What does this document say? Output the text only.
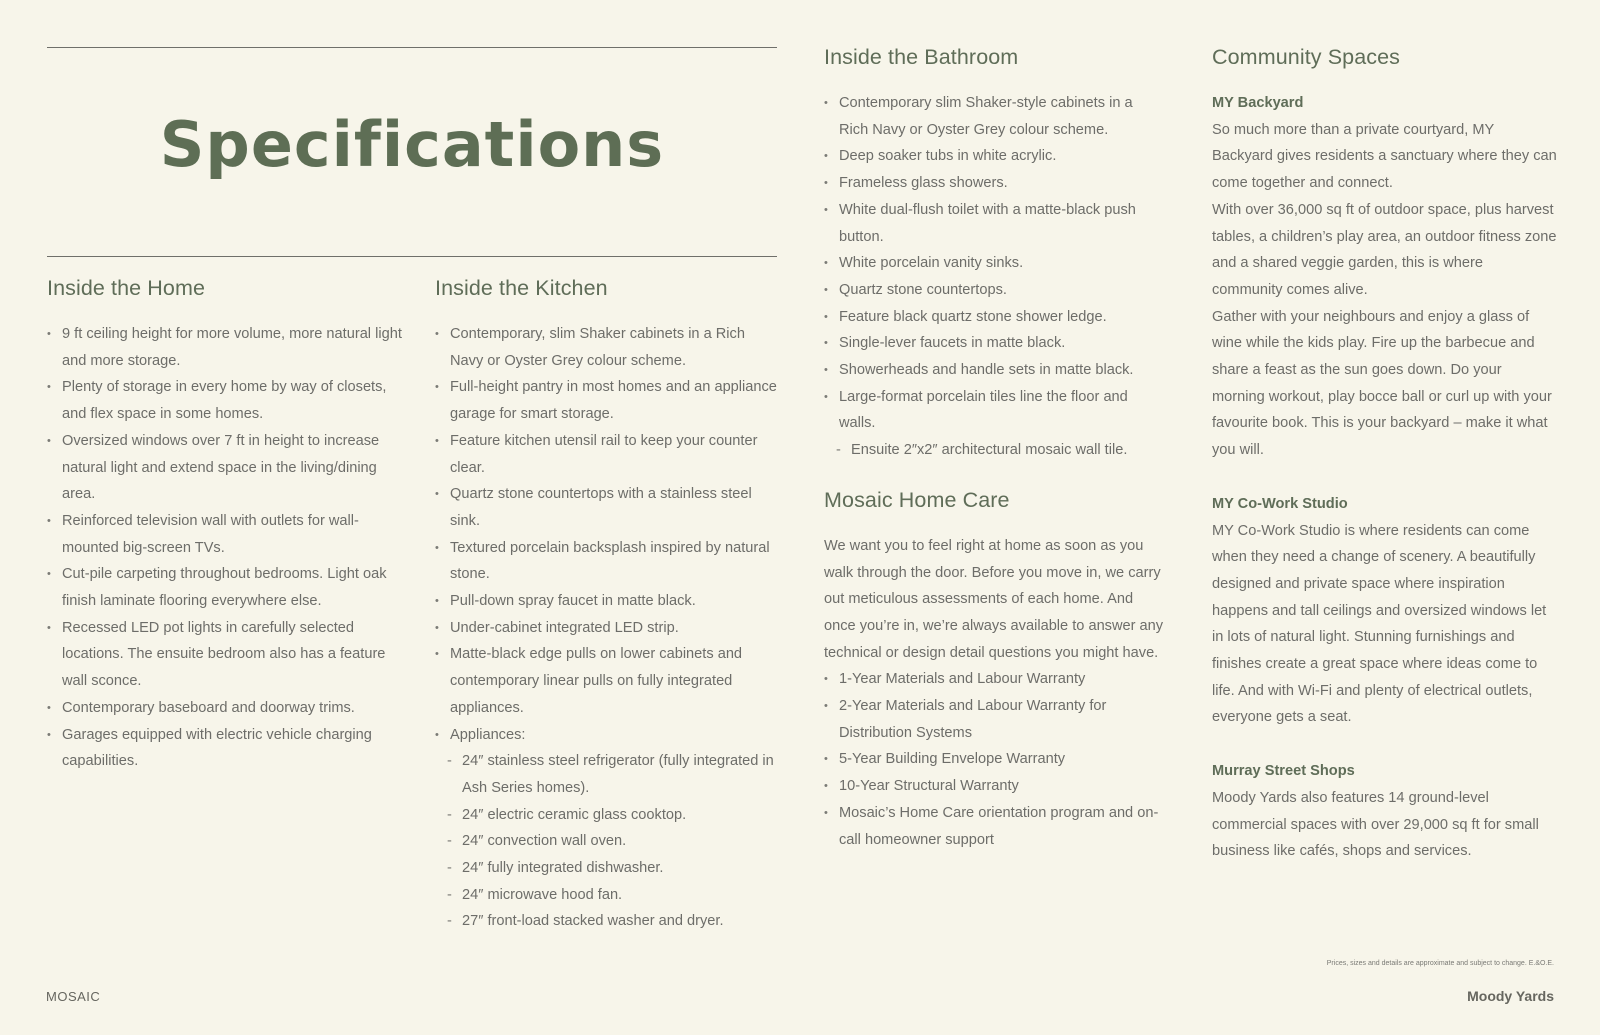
Specifications
Inside the Home
• 9 ft ceiling height for more volume, more natural light and more storage.
• Plenty of storage in every home by way of closets, and flex space in some homes.
• Oversized windows over 7 ft in height to increase natural light and extend space in the living/dining area.
• Reinforced television wall with outlets for wall-mounted big-screen TVs.
• Cut-pile carpeting throughout bedrooms. Light oak finish laminate flooring everywhere else.
• Recessed LED pot lights in carefully selected locations. The ensuite bedroom also has a feature wall sconce.
• Contemporary baseboard and doorway trims.
• Garages equipped with electric vehicle charging capabilities.
Inside the Kitchen
• Contemporary, slim Shaker cabinets in a Rich Navy or Oyster Grey colour scheme.
• Full-height pantry in most homes and an appliance garage for smart storage.
• Feature kitchen utensil rail to keep your counter clear.
• Quartz stone countertops with a stainless steel sink.
• Textured porcelain backsplash inspired by natural stone.
• Pull-down spray faucet in matte black.
• Under-cabinet integrated LED strip.
• Matte-black edge pulls on lower cabinets and contemporary linear pulls on fully integrated appliances.
• Appliances:
- 24″ stainless steel refrigerator (fully integrated in Ash Series homes).
- 24″ electric ceramic glass cooktop.
- 24″ convection wall oven.
- 24″ fully integrated dishwasher.
- 24″ microwave hood fan.
- 27″ front-load stacked washer and dryer.
Inside the Bathroom
• Contemporary slim Shaker-style cabinets in a Rich Navy or Oyster Grey colour scheme.
• Deep soaker tubs in white acrylic.
• Frameless glass showers.
• White dual-flush toilet with a matte-black push button.
• White porcelain vanity sinks.
• Quartz stone countertops.
• Feature black quartz stone shower ledge.
• Single-lever faucets in matte black.
• Showerheads and handle sets in matte black.
• Large-format porcelain tiles line the floor and walls.
- Ensuite 2″x2″ architectural mosaic wall tile.
Mosaic Home Care

We want you to feel right at home as soon as you walk through the door. Before you move in, we carry out meticulous assessments of each home. And once you’re in, we’re always available to answer any technical or design detail questions you might have.

• 1-Year Materials and Labour Warranty
• 2-Year Materials and Labour Warranty for Distribution Systems
• 5-Year Building Envelope Warranty
• 10-Year Structural Warranty
• Mosaic’s Home Care orientation program and on-call homeowner support
Community Spaces
MY Backyard

So much more than a private courtyard, MY Backyard gives residents a sanctuary where they can come together and connect.

With over 36,000 sq ft of outdoor space, plus harvest tables, a children’s play area, an outdoor fitness zone and a shared veggie garden, this is where community comes alive.

Gather with your neighbours and enjoy a glass of wine while the kids play. Fire up the barbecue and share a feast as the sun goes down. Do your morning workout, play bocce ball or curl up with your favourite book. This is your backyard – make it what you will.

MY Co-Work Studio

MY Co-Work Studio is where residents can come when they need a change of scenery. A beautifully designed and private space where inspiration happens and tall ceilings and oversized windows let in lots of natural light. Stunning furnishings and finishes create a great space where ideas come to life. And with Wi-Fi and plenty of electrical outlets, everyone gets a seat.

Murray Street Shops

Moody Yards also features 14 ground-level commercial spaces with over 29,000 sq ft for small business like cafés, shops and services.

Prices, sizes and details are approximate and subject to change. E.&O.E.

MOSAIC	Moody Yards
